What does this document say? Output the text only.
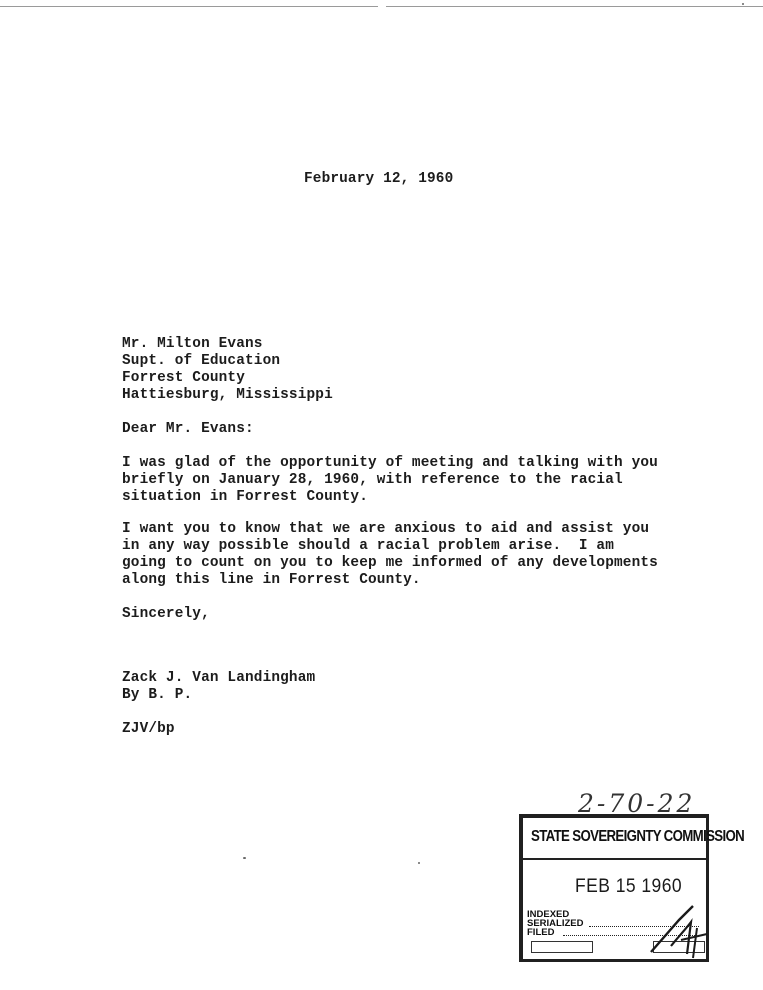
February 12, 1960

Mr. Milton Evans

Supt. of Education

Forrest County

Hattiesburg, Mississippi

Dear Mr. Evans:

I was glad of the opportunity of meeting and talking with you

briefly on January 28, 1960, with reference to the racial

situation in Forrest County.

I want you to know that we are anxious to aid and assist you

in any way possible should a racial problem arise.  I am

going to count on you to keep me informed of any developments

along this line in Forrest County.

Sincerely,

Zack J. Van Landingham

By B. P.

ZJV/bp

2-70-22
STATE SOVEREIGNTY COMMISSION
FEB 15 1960
INDEXED
SERIALIZED
FILED
